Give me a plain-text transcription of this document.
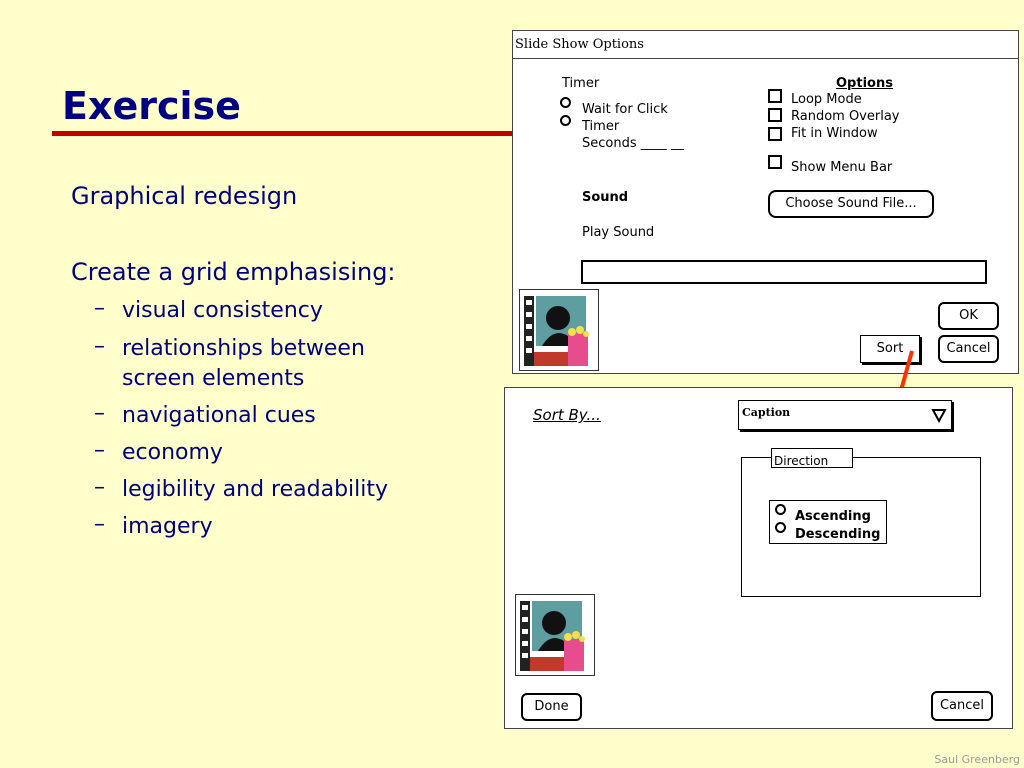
Exercise
Graphical redesign
Create a grid emphasising:
– visual consistency
– relationships between
screen elements
– navigational cues
– economy
– legibility and readability
– imagery
Slide Show Options
Timer
Wait for Click
Timer
Seconds ____ __
Options
Loop Mode
Random Overlay
Fit in Window
Show Menu Bar
Sound	Choose Sound File...
Play Sound
OK
Sort	Cancel
Sort By...	Caption
Direction
Ascending
Descending
Done	Cancel
Saul Greenberg
